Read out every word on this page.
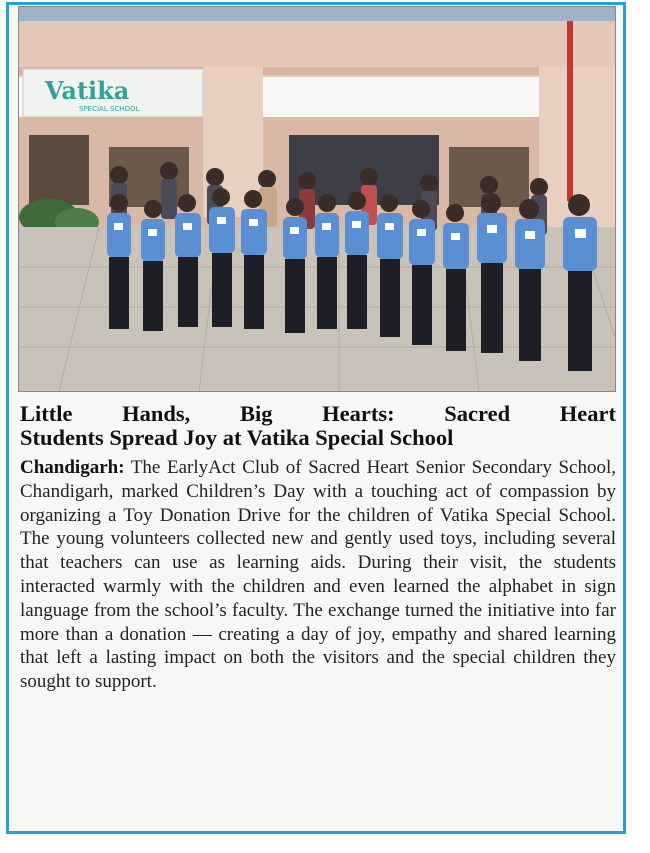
Vatika
SPECIAL SCHOOL
Little Hands, Big Hearts: Sacred Heart

Students Spread Joy at Vatika Special School

Chandigarh: The EarlyAct Club of Sacred Heart Senior Secondary School, Chandigarh, marked Children’s Day with a touching act of compassion by organizing a Toy Donation Drive for the children of Vatika Special School. The young volunteers collected new and gently used toys, including several that teachers can use as learning aids. During their visit, the students interacted warmly with the children and even learned the alphabet in sign language from the school’s faculty. The exchange turned the initiative into far more than a donation — creating a day of joy, empathy and shared learning that left a lasting impact on both the visitors and the special children they sought to support.
